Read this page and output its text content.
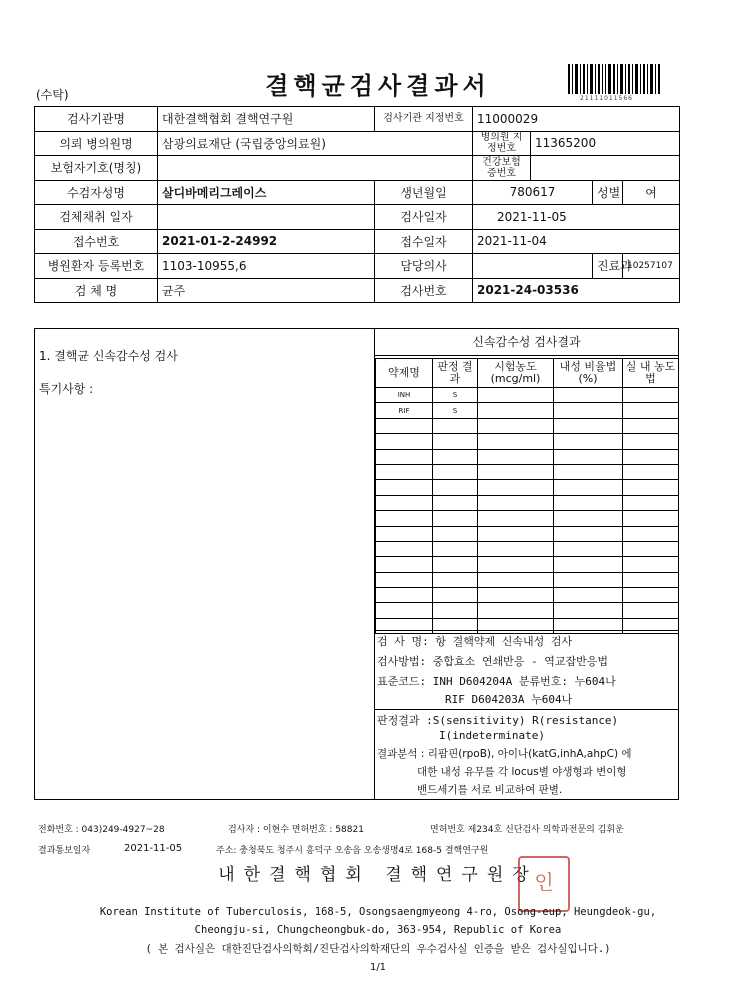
(수탁)	결핵균검사결과서	21111011566
검사기관명	대한결핵협회 결핵연구원	검사기관 지정번호	11000029			
의뢰 병의원명	삼광의료재단 (국립중앙의료원)		병의원 지정번호	11365200		
보험자기호(명칭)			건강보험 증번호			
수검자성명	살디바메리그레이스	생년월일	780617		성별	여
검체채취 일자		검사일자	2021-11-05			
접수번호	2021-01-2-24992	접수일자	2021-11-04			
병원환자 등록번호	1103-10955,6	담당의사			진료과	10257107
검 체 명	균주	검사번호	2021-24-03536			
1. 결핵균 신속감수성 검사
특기사항 :
신속감수성 검사결과
약제명	판정 결과	시험농도 (mcg/ml)	내성 비율법(%)	실 내 농도법
INH	S			
RIF	S			

검 사 명: 항 결핵약제 신속내성 검사
검사방법: 중합효소 연쇄반응 - 역교잡반응법
표준코드: INH D604204A 분류번호: 누604나
RIF D604203A 누604나
판정결과 :S(sensitivity) R(resistance)
I(indeterminate)
결과분석 : 리팜핀(rpoB), 아이나(katG,inhA,ahpC) 에
대한 내성 유무를 각 locus별 야생형과 변이형
밴드세기를 서로 비교하여 판별.
전화번호 : 043)249-4927~28	검사자 : 이현수 면허번호 : 58821	면허번호 제234호 신단검사 의학과전문의 김휘운
결과통보일자	2021-11-05	주소: 충청북도 청주시 흥덕구 오송읍 오송생명4로 168-5 결핵연구원
내한결핵협회 결핵연구원장
인
Korean Institute of Tuberculosis, 168-5, Osongsaengmyeong 4-ro, Osong-eup, Heungdeok-gu,
Cheongju-si, Chungcheongbuk-do, 363-954, Republic of Korea
( 본 검사실은 대한진단검사의학회/진단검사의학재단의 우수검사실 인증을 받은 검사실입니다.)
1/1
